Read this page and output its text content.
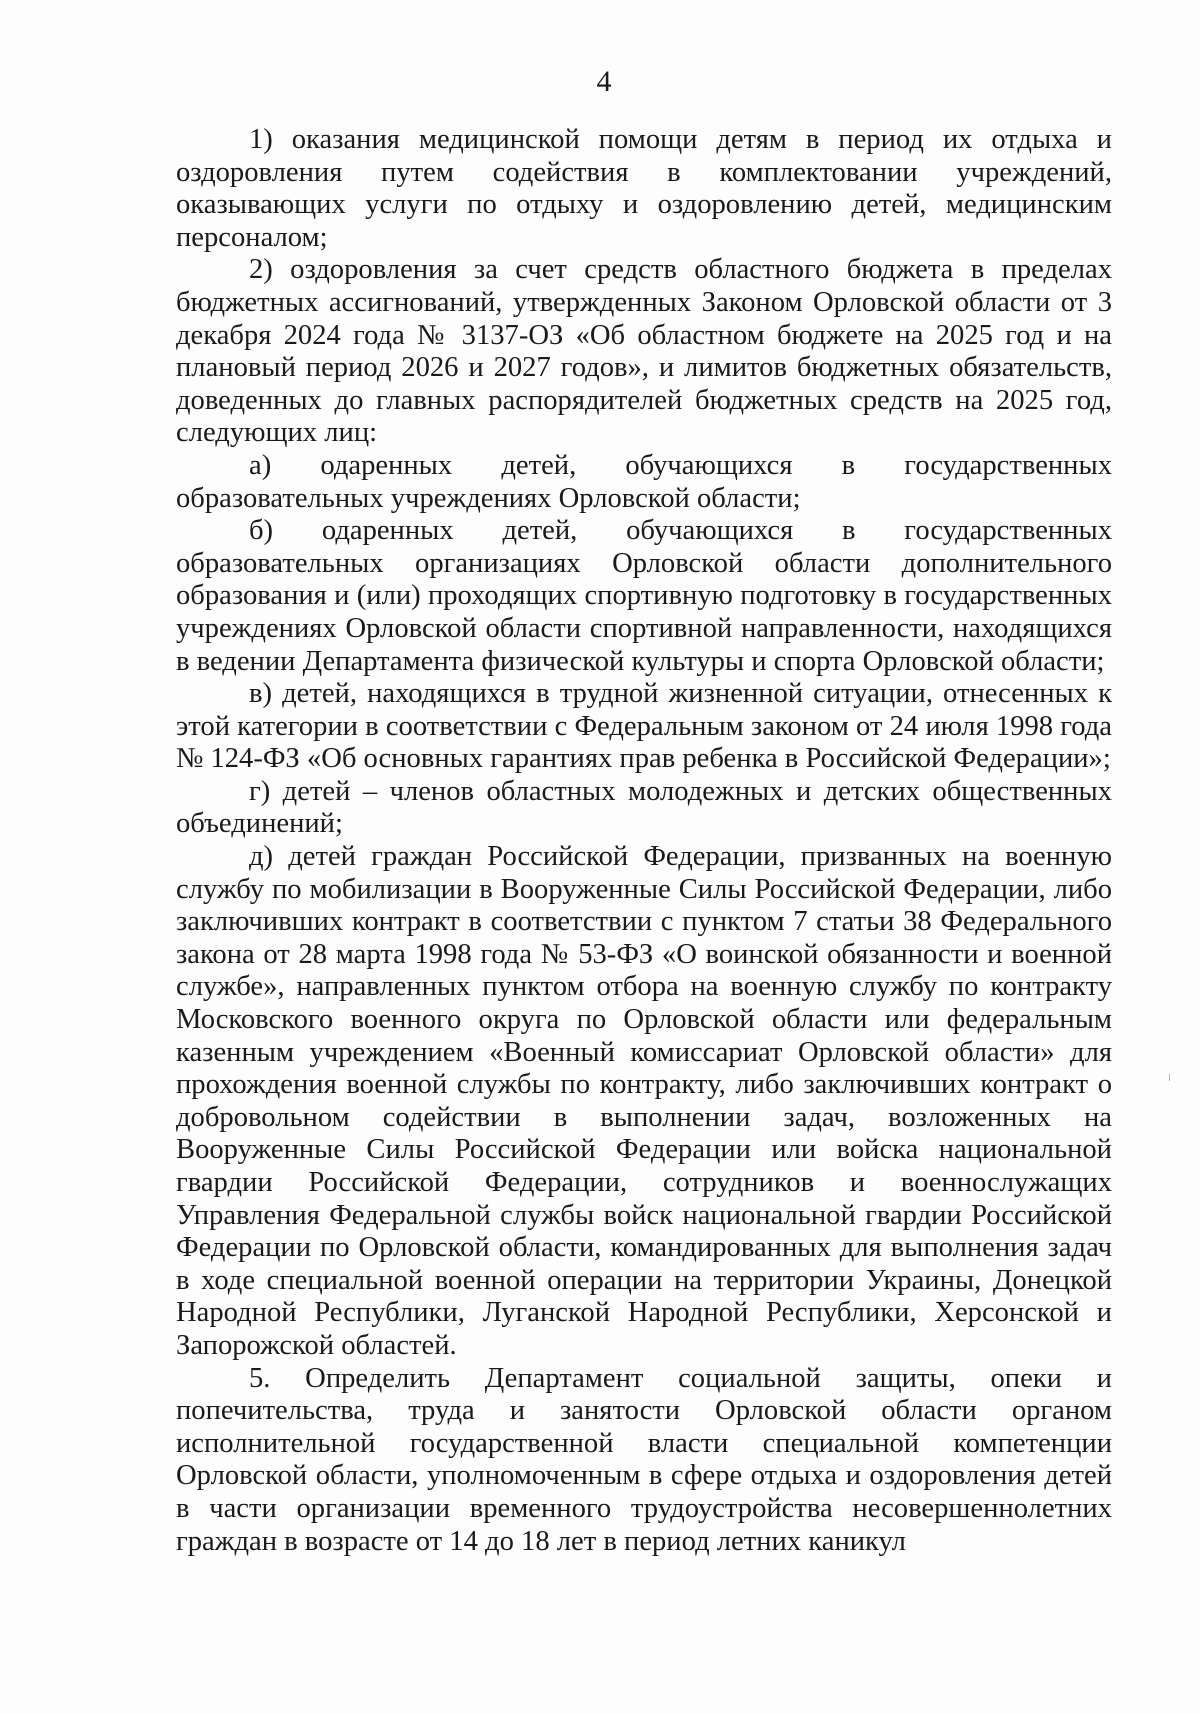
4

1) оказания медицинской помощи детям в период их отдыха и оздоровления путем содействия в комплектовании учреждений, оказывающих услуги по отдыху и оздоровлению детей, медицинским персоналом;

2) оздоровления за счет средств областного бюджета в пределах бюджетных ассигнований, утвержденных Законом Орловской области от 3 декабря 2024 года № 3137-ОЗ «Об областном бюджете на 2025 год и на плановый период 2026 и 2027 годов», и лимитов бюджетных обязательств, доведенных до главных распорядителей бюджетных средств на 2025 год, следующих лиц:

а) одаренных детей, обучающихся в государственных образовательных учреждениях Орловской области;

б) одаренных детей, обучающихся в государственных образовательных организациях Орловской области дополнительного образования и (или) проходящих спортивную подготовку в государственных учреждениях Орловской области спортивной направленности, находящихся в ведении Департамента физической культуры и спорта Орловской области;

в) детей, находящихся в трудной жизненной ситуации, отнесенных к этой категории в соответствии с Федеральным законом от 24 июля 1998 года № 124-ФЗ «Об основных гарантиях прав ребенка в Российской Федерации»;

г) детей – членов областных молодежных и детских общественных объединений;

д) детей граждан Российской Федерации, призванных на военную службу по мобилизации в Вооруженные Силы Российской Федерации, либо заключивших контракт в соответствии с пунктом 7 статьи 38 Федерального закона от 28 марта 1998 года № 53-ФЗ «О воинской обязанности и военной службе», направленных пунктом отбора на военную службу по контракту Московского военного округа по Орловской области или федеральным казенным учреждением «Военный комиссариат Орловской области» для прохождения военной службы по контракту, либо заключивших контракт о добровольном содействии в выполнении задач, возложенных на Вооруженные Силы Российской Федерации или войска национальной гвардии Российской Федерации, сотрудников и военнослужащих Управления Федеральной службы войск национальной гвардии Российской Федерации по Орловской области, командированных для выполнения задач в ходе специальной военной операции на территории Украины, Донецкой Народной Республики, Луганской Народной Республики, Херсонской и Запорожской областей.

5. Определить Департамент социальной защиты, опеки и попечительства, труда и занятости Орловской области органом исполнительной государственной власти специальной компетенции Орловской области, уполномоченным в сфере отдыха и оздоровления детей в части организации временного трудоустройства несовершеннолетних граждан в возрасте от 14 до 18 лет в период летних каникул
